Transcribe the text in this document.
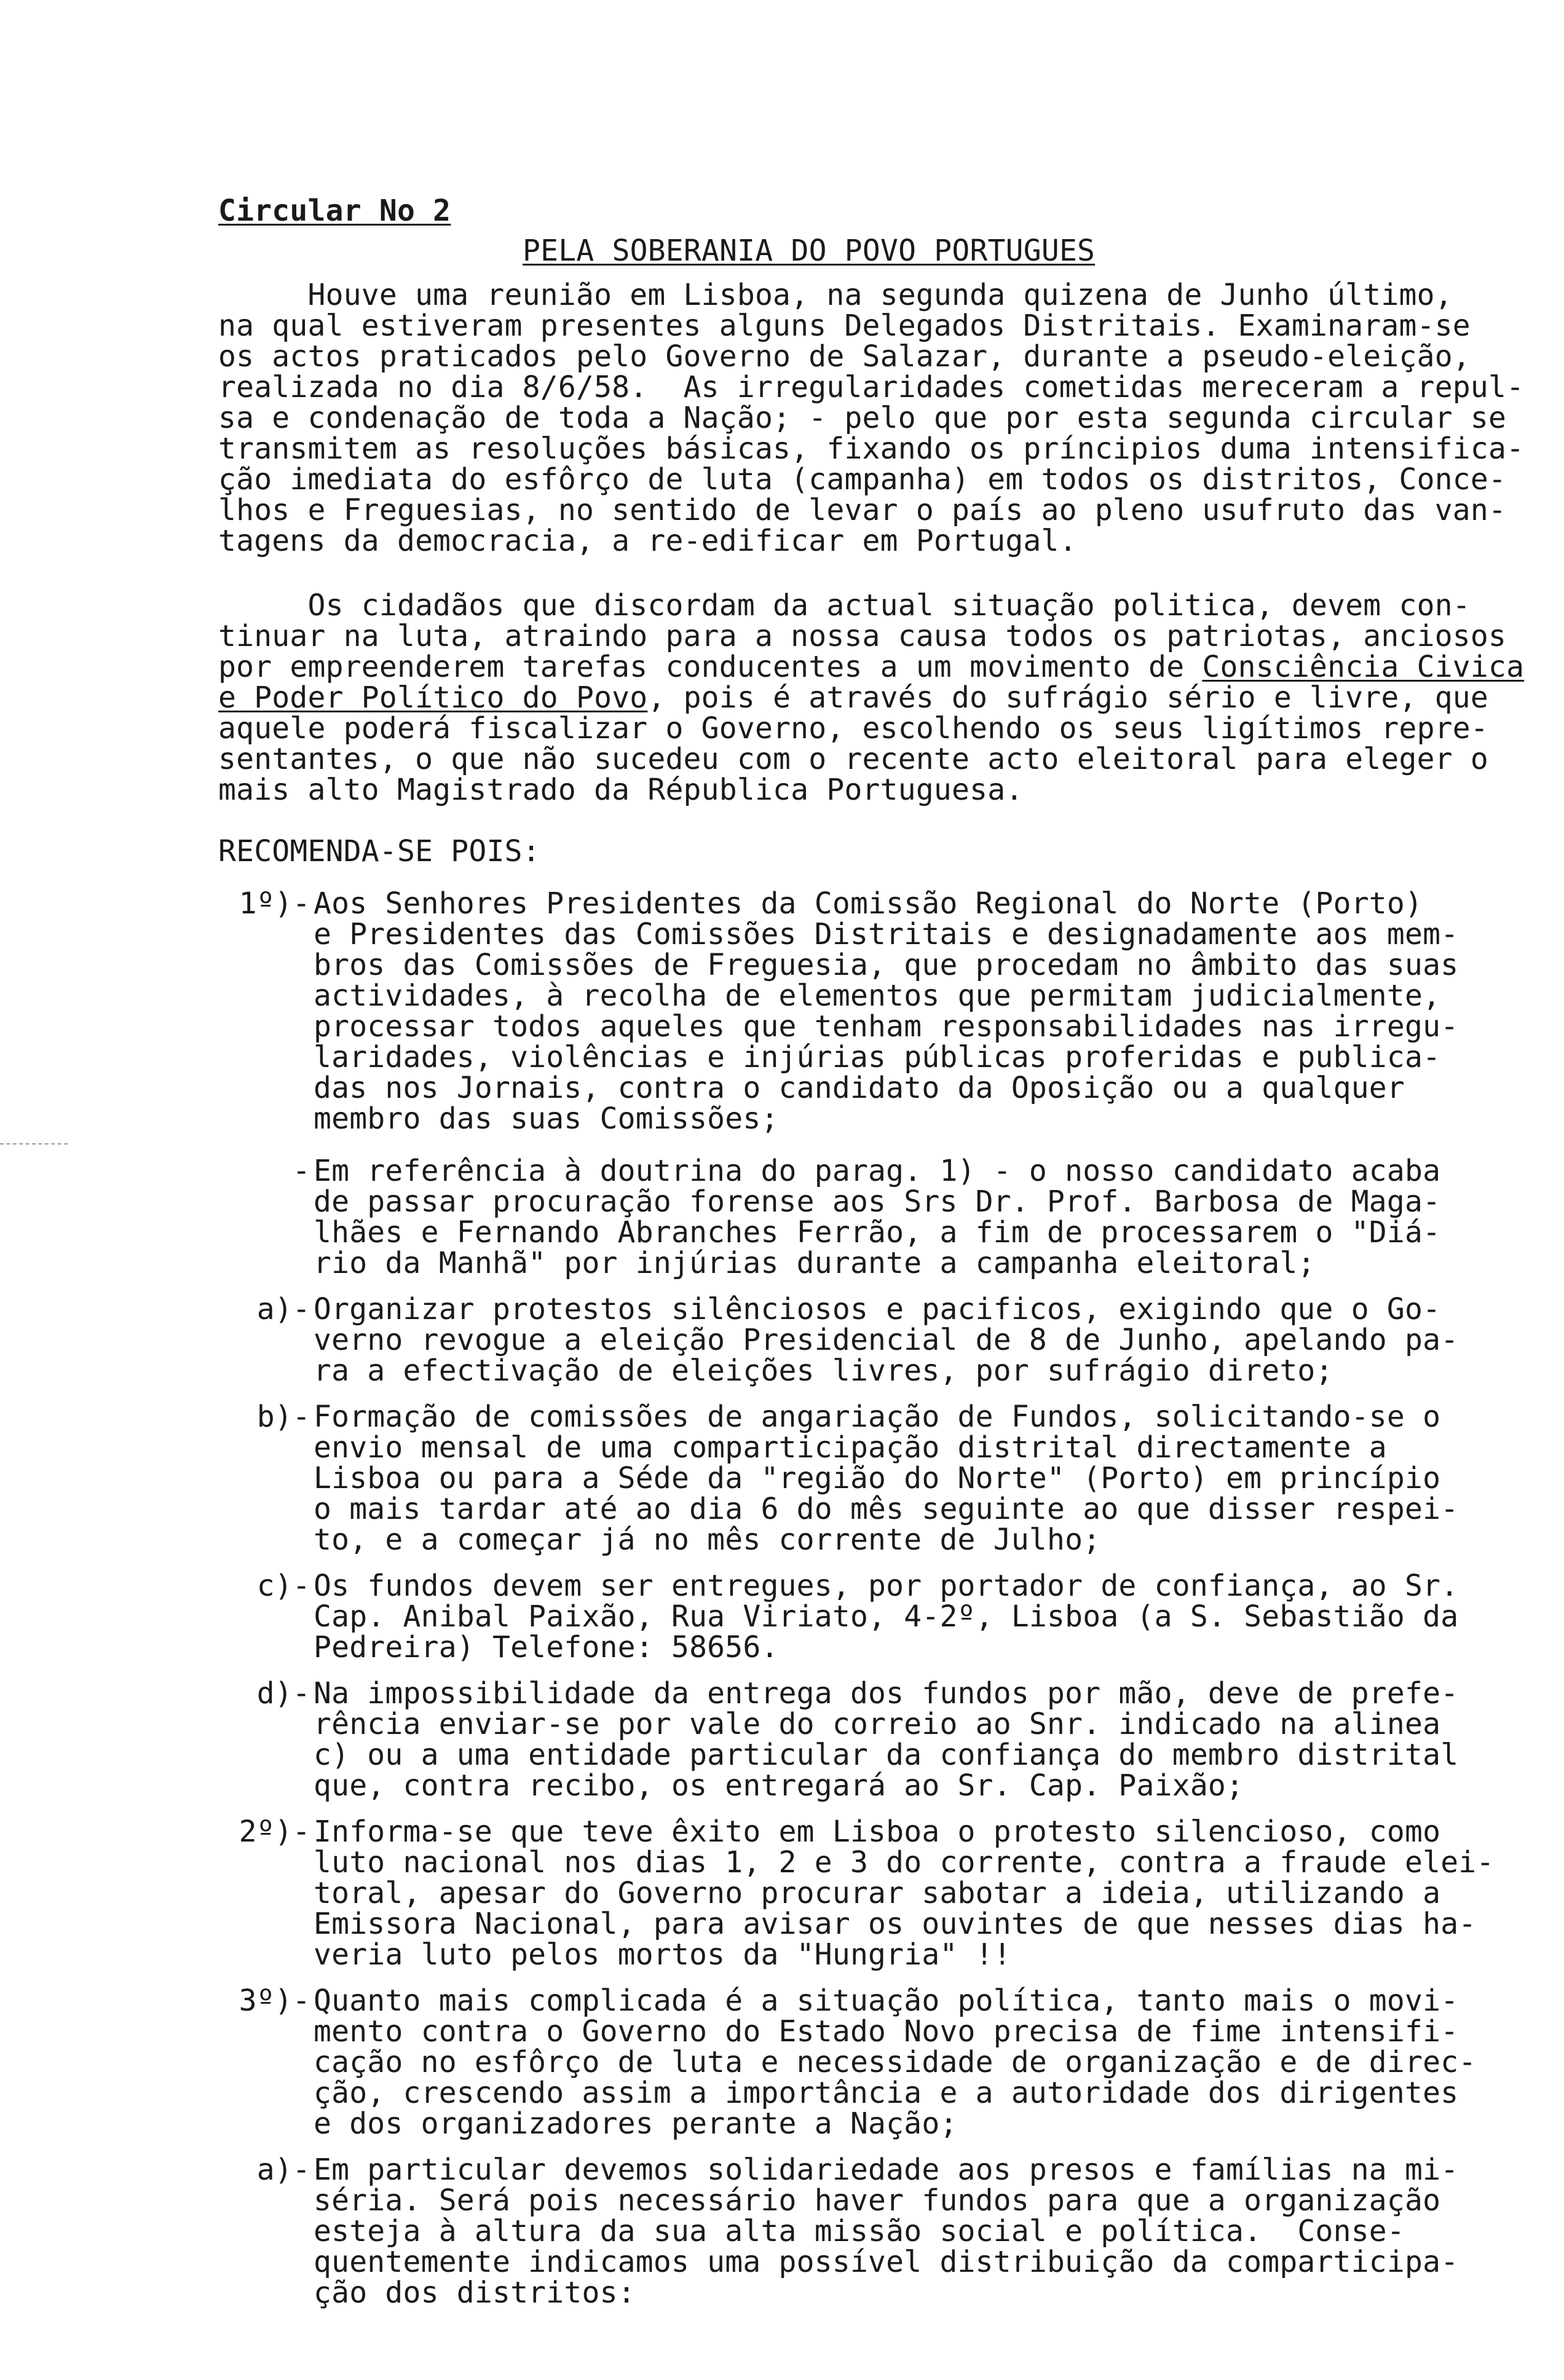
Circular No 2
PELA SOBERANIA DO POVO PORTUGUES
Houve uma reunião em Lisboa, na segunda quizena de Junho último,
na qual estiveram presentes alguns Delegados Distritais. Examinaram-se
os actos praticados pelo Governo de Salazar, durante a pseudo-eleição,
realizada no dia 8/6/58.  As irregularidades cometidas mereceram a repul-
sa e condenação de toda a Nação; - pelo que por esta segunda circular se
transmitem as resoluções básicas, fixando os príncipios duma intensifica-
ção imediata do esfôrço de luta (campanha) em todos os distritos, Conce-
lhos e Freguesias, no sentido de levar o país ao pleno usufruto das van-
tagens da democracia, a re-edificar em Portugal.
Os cidadãos que discordam da actual situação politica, devem con-
tinuar na luta, atraindo para a nossa causa todos os patriotas, anciosos
por empreenderem tarefas conducentes a um movimento de Consciência Civica
e Poder Político do Povo, pois é através do sufrágio sério e livre, que
aquele poderá fiscalizar o Governo, escolhendo os seus ligítimos repre-
sentantes, o que não sucedeu com o recente acto eleitoral para eleger o
mais alto Magistrado da Républica Portuguesa.
RECOMENDA-SE POIS:
1º)- Aos Senhores Presidentes da Comissão Regional do Norte (Porto)
e Presidentes das Comissões Distritais e designadamente aos mem-
bros das Comissões de Freguesia, que procedam no âmbito das suas
actividades, à recolha de elementos que permitam judicialmente,
processar todos aqueles que tenham responsabilidades nas irregu-
laridades, violências e injúrias públicas proferidas e publica-
das nos Jornais, contra o candidato da Oposição ou a qualquer
membro das suas Comissões;
- Em referência à doutrina do parag. 1) - o nosso candidato acaba
de passar procuração forense aos Srs Dr. Prof. Barbosa de Maga-
lhães e Fernando Abranches Ferrão, a fim de processarem o "Diá-
rio da Manhã" por injúrias durante a campanha eleitoral;
a)- Organizar protestos silênciosos e pacificos, exigindo que o Go-
verno revogue a eleição Presidencial de 8 de Junho, apelando pa-
ra a efectivação de eleições livres, por sufrágio direto;
b)- Formação de comissões de angariação de Fundos, solicitando-se o
envio mensal de uma comparticipação distrital directamente a
Lisboa ou para a Séde da "região do Norte" (Porto) em princípio
o mais tardar até ao dia 6 do mês seguinte ao que disser respei-
to, e a começar já no mês corrente de Julho;
c)- Os fundos devem ser entregues, por portador de confiança, ao Sr.
Cap. Anibal Paixão, Rua Viriato, 4-2º, Lisboa (a S. Sebastião da
Pedreira) Telefone: 58656.
d)- Na impossibilidade da entrega dos fundos por mão, deve de prefe-
rência enviar-se por vale do correio ao Snr. indicado na alinea
c) ou a uma entidade particular da confiança do membro distrital
que, contra recibo, os entregará ao Sr. Cap. Paixão;
2º)- Informa-se que teve êxito em Lisboa o protesto silencioso, como
luto nacional nos dias 1, 2 e 3 do corrente, contra a fraude elei-
toral, apesar do Governo procurar sabotar a ideia, utilizando a
Emissora Nacional, para avisar os ouvintes de que nesses dias ha-
veria luto pelos mortos da "Hungria" !!
3º)- Quanto mais complicada é a situação política, tanto mais o movi-
mento contra o Governo do Estado Novo precisa de fime intensifi-
cação no esfôrço de luta e necessidade de organização e de direc-
ção, crescendo assim a importância e a autoridade dos dirigentes
e dos organizadores perante a Nação;
a)- Em particular devemos solidariedade aos presos e famílias na mi-
séria. Será pois necessário haver fundos para que a organização
esteja à altura da sua alta missão social e política.  Conse-
quentemente indicamos uma possível distribuição da comparticipa-
ção dos distritos:
